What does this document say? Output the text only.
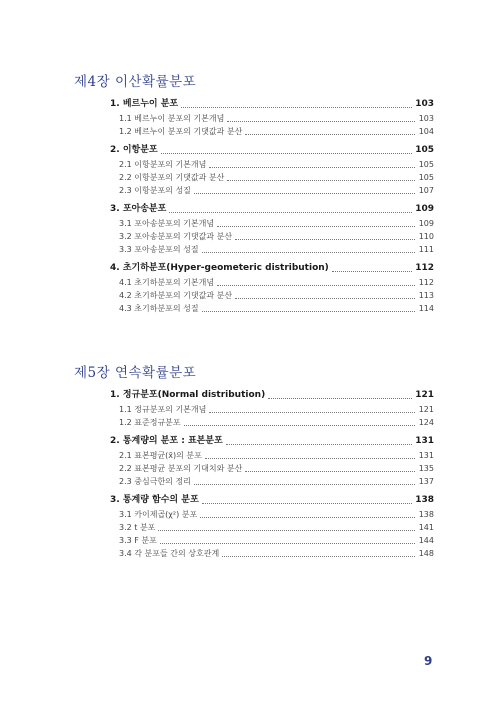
제4장 이산확률분포
1. 베르누이 분포	103
1.1 베르누이 분포의 기본개념	103
1.2 베르누이 분포의 기댓값과 분산	104
2. 이항분포	105
2.1 이항분포의 기본개념	105
2.2 이항분포의 기댓값과 분산	105
2.3 이항분포의 성질	107
3. 포아송분포	109
3.1 포아송분포의 기본개념	109
3.2 포아송분포의 기댓값과 분산	110
3.3 포아송분포의 성질	111
4. 초기하분포(Hyper-geometeric distribution)	112
4.1 초기하분포의 기본개념	112
4.2 초기하분포의 기댓값과 분산	113
4.3 초기하분포의 성질	114
제5장 연속확률분포
1. 정규분포(Normal distribution)	121
1.1 정규분포의 기본개념	121
1.2 표준정규분포	124
2. 통계량의 분포 : 표본분포	131
2.1 표본평균(x̄)의 분포	131
2.2 표본평균 분포의 기대치와 분산	135
2.3 중심극한의 정리	137
3. 통계량 함수의 분포	138
3.1 카이제곱(χ²) 분포	138
3.2 t 분포	141
3.3 F 분포	144
3.4 각 분포들 간의 상호관계	148
9
